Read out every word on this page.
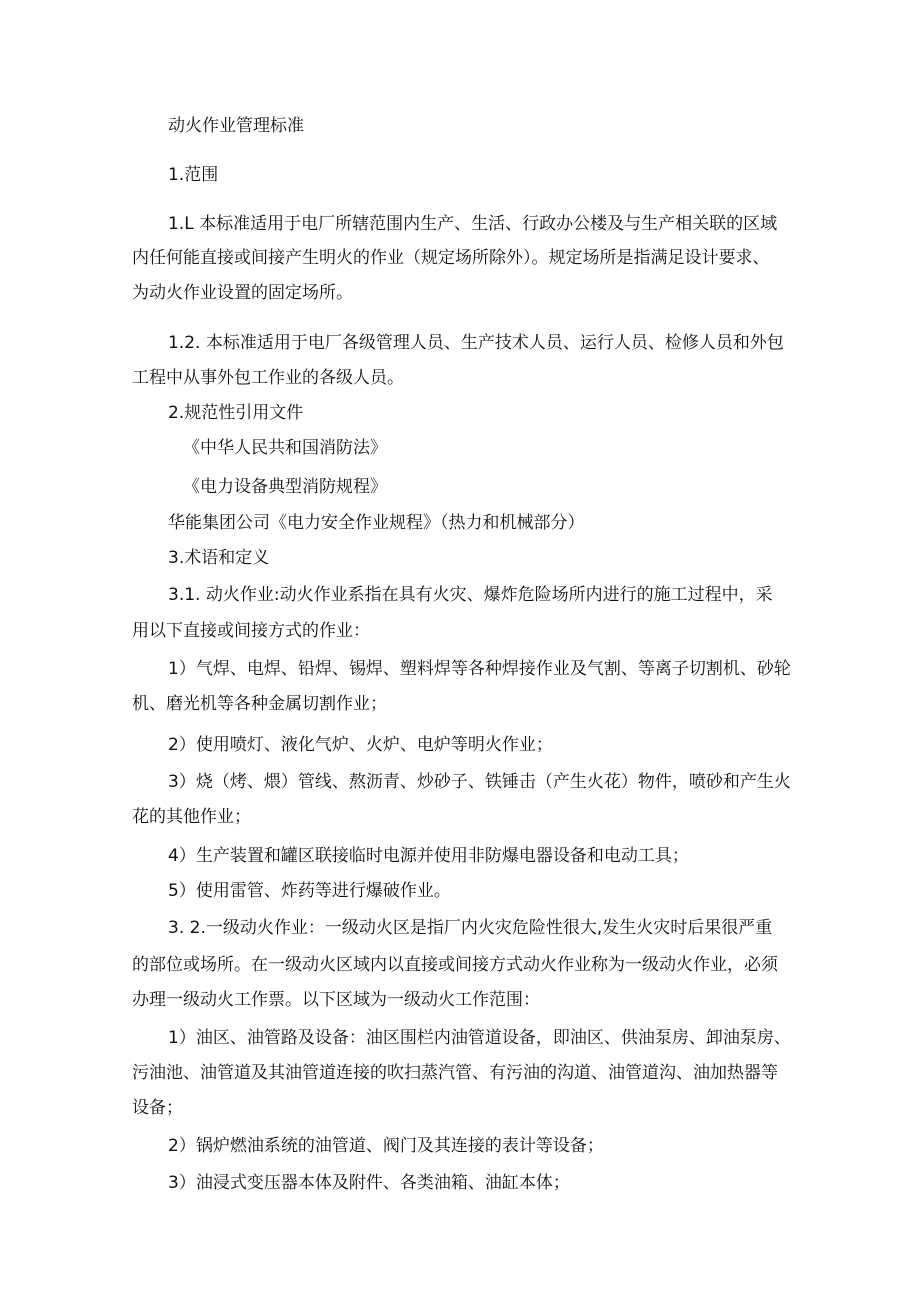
动火作业管理标准
1.范围
1.L 本标准适用于电厂所辖范围内生产、生活、行政办公楼及与生产相关联的区域
内任何能直接或间接产生明火的作业（规定场所除外）。规定场所是指满足设计要求、
为动火作业设置的固定场所。
1.2. 本标准适用于电厂各级管理人员、生产技术人员、运行人员、检修人员和外包
工程中从事外包工作业的各级人员。
2.规范性引用文件
《中华人民共和国消防法》
《电力设备典型消防规程》
华能集团公司《电力安全作业规程》（热力和机械部分）
3.术语和定义
3.1. 动火作业:动火作业系指在具有火灾、爆炸危险场所内进行的施工过程中，采
用以下直接或间接方式的作业：
1）气焊、电焊、铅焊、锡焊、塑料焊等各种焊接作业及气割、等离子切割机、砂轮
机、磨光机等各种金属切割作业；
2）使用喷灯、液化气炉、火炉、电炉等明火作业；
3）烧（烤、煨）管线、熬沥青、炒砂子、铁锤击（产生火花）物件，喷砂和产生火
花的其他作业；
4）生产装置和罐区联接临时电源并使用非防爆电器设备和电动工具；
5）使用雷管、炸药等进行爆破作业。
3. 2.一级动火作业：一级动火区是指厂内火灾危险性很大,发生火灾时后果很严重
的部位或场所。在一级动火区域内以直接或间接方式动火作业称为一级动火作业，必须
办理一级动火工作票。以下区域为一级动火工作范围：
1）油区、油管路及设备：油区围栏内油管道设备，即油区、供油泵房、卸油泵房、
污油池、油管道及其油管道连接的吹扫蒸汽管、有污油的沟道、油管道沟、油加热器等
设备；
2）锅炉燃油系统的油管道、阀门及其连接的表计等设备；
3）油浸式变压器本体及附件、各类油箱、油缸本体；
